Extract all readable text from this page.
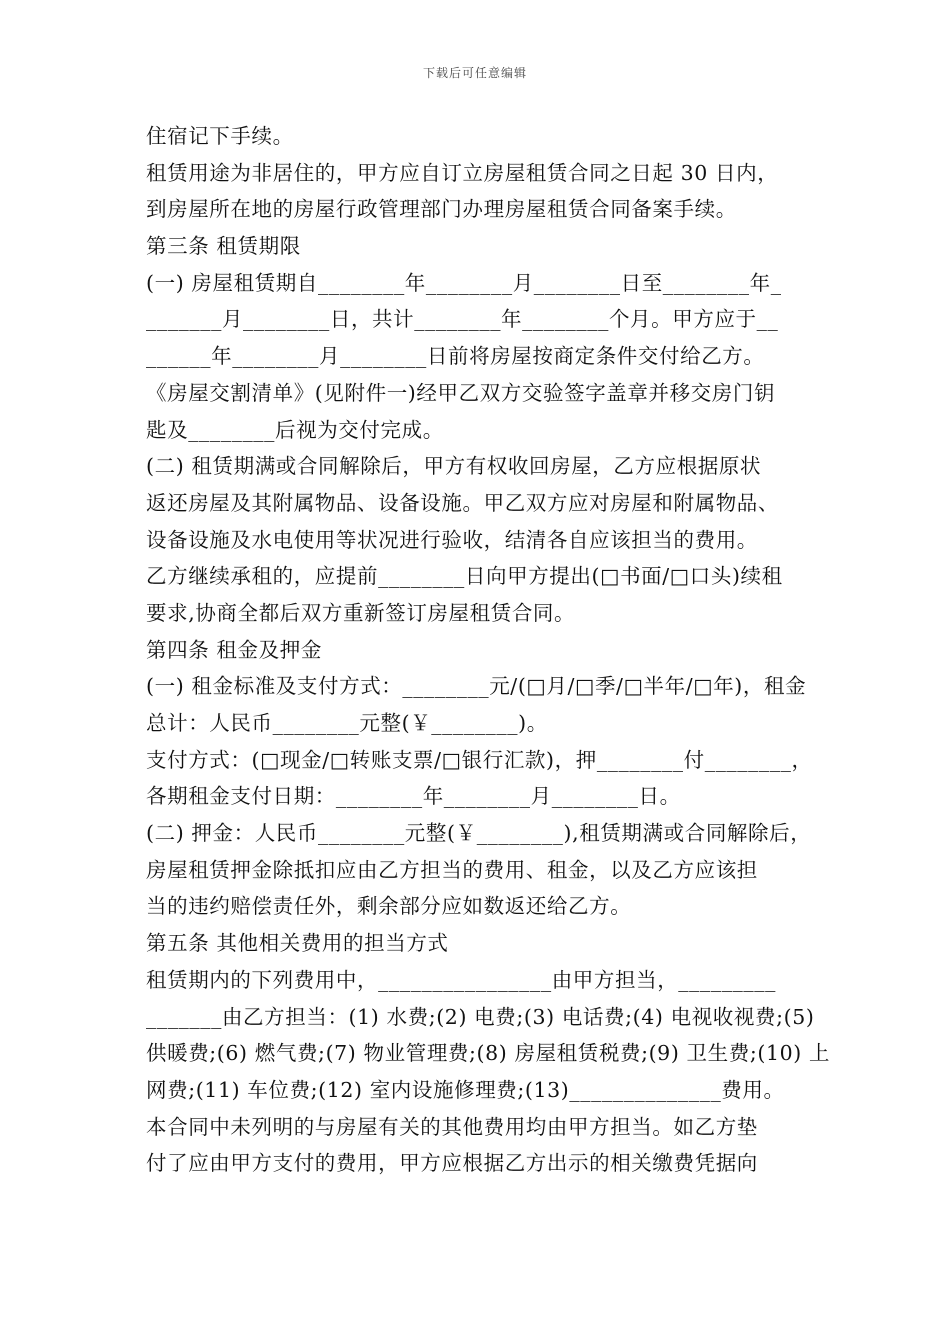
下载后可任意编辑
住宿记下手续。
租赁用途为非居住的，甲方应自订立房屋租赁合同之日起 30 日内，
到房屋所在地的房屋行政管理部门办理房屋租赁合同备案手续。
第三条 租赁期限
(一) 房屋租赁期自________年________月________日至________年_
_______月________日，共计________年________个月。甲方应于__
______年________月________日前将房屋按商定条件交付给乙方。
《房屋交割清单》(见附件一)经甲乙双方交验签字盖章并移交房门钥
匙及________后视为交付完成。
(二) 租赁期满或合同解除后，甲方有权收回房屋，乙方应根据原状
返还房屋及其附属物品、设备设施。甲乙双方应对房屋和附属物品、
设备设施及水电使用等状况进行验收，结清各自应该担当的费用。
乙方继续承租的，应提前________日向甲方提出(□书面/□口头)续租
要求,协商全都后双方重新签订房屋租赁合同。
第四条 租金及押金
(一) 租金标准及支付方式：________元/(□月/□季/□半年/□年)，租金
总计：人民币________元整(￥________)。
支付方式：(□现金/□转账支票/□银行汇款)，押________付________，
各期租金支付日期：________年________月________日。
(二) 押金：人民币________元整(￥________),租赁期满或合同解除后，
房屋租赁押金除抵扣应由乙方担当的费用、租金，以及乙方应该担
当的违约赔偿责任外，剩余部分应如数返还给乙方。
第五条 其他相关费用的担当方式
租赁期内的下列费用中，________________由甲方担当，_________
_______由乙方担当：(1) 水费;(2) 电费;(3) 电话费;(4) 电视收视费;(5)
供暖费;(6) 燃气费;(7) 物业管理费;(8) 房屋租赁税费;(9) 卫生费;(10) 上
网费;(11) 车位费;(12) 室内设施修理费;(13)______________费用。
本合同中未列明的与房屋有关的其他费用均由甲方担当。如乙方垫
付了应由甲方支付的费用，甲方应根据乙方出示的相关缴费凭据向
